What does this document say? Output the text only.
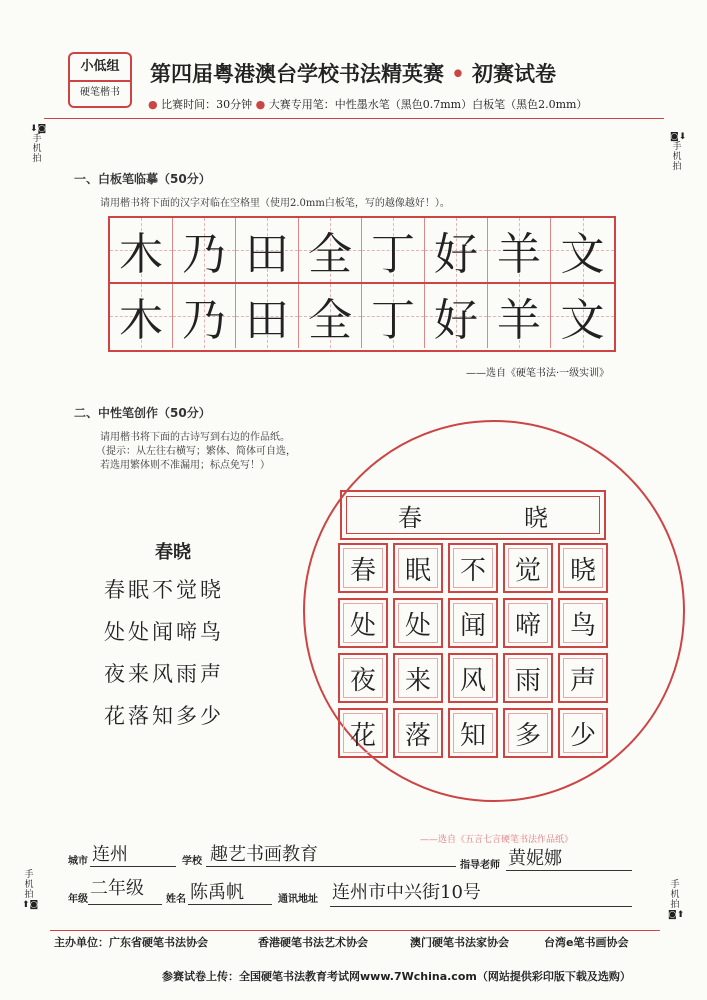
小低组
硬笔楷书
第四届粤港澳台学校书法精英赛 • 初赛试卷
● 比赛时间：30分钟 ● 大赛专用笔：中性墨水笔（黑色0.7mm）白板笔（黑色2.0mm）
⬇◙
手机拍
◙⬇
手机拍
一、白板笔临摹（50分）
请用楷书将下面的汉字对临在空格里（使用2.0mm白板笔，写的越像越好！）。
木 乃 田 全 丁 好 羊 文
木 乃 田 全 丁 好 羊 文
——选自《硬笔书法·一级实训》
二、中性笔创作（50分）
请用楷书将下面的古诗写到右边的作品纸。
（提示：从左往右横写；繁体、简体可自选，
若选用繁体则不准漏用；标点免写！）
春晓
春眠不觉晓
处处闻啼鸟
夜来风雨声
花落知多少
春	晓
春 眠 不 觉 晓
处 处 闻 啼 鸟
夜 来 风 雨 声
花 落 知 多 少
——选自《五言七言硬笔书法作品纸》
城市 连州	学校 趣艺书画教育
指导老师 黄妮娜
年级
二年级
姓名 陈禹帆	通讯地址 连州市中兴街10号
手机拍
⬆◙
手机拍
◙⬆
主办单位：广东省硬笔书法协会	香港硬笔书法艺术协会	澳门硬笔书法家协会	台湾e笔书画协会
参赛试卷上传：全国硬笔书法教育考试网www.7Wchina.com（网站提供彩印版下载及选购）
